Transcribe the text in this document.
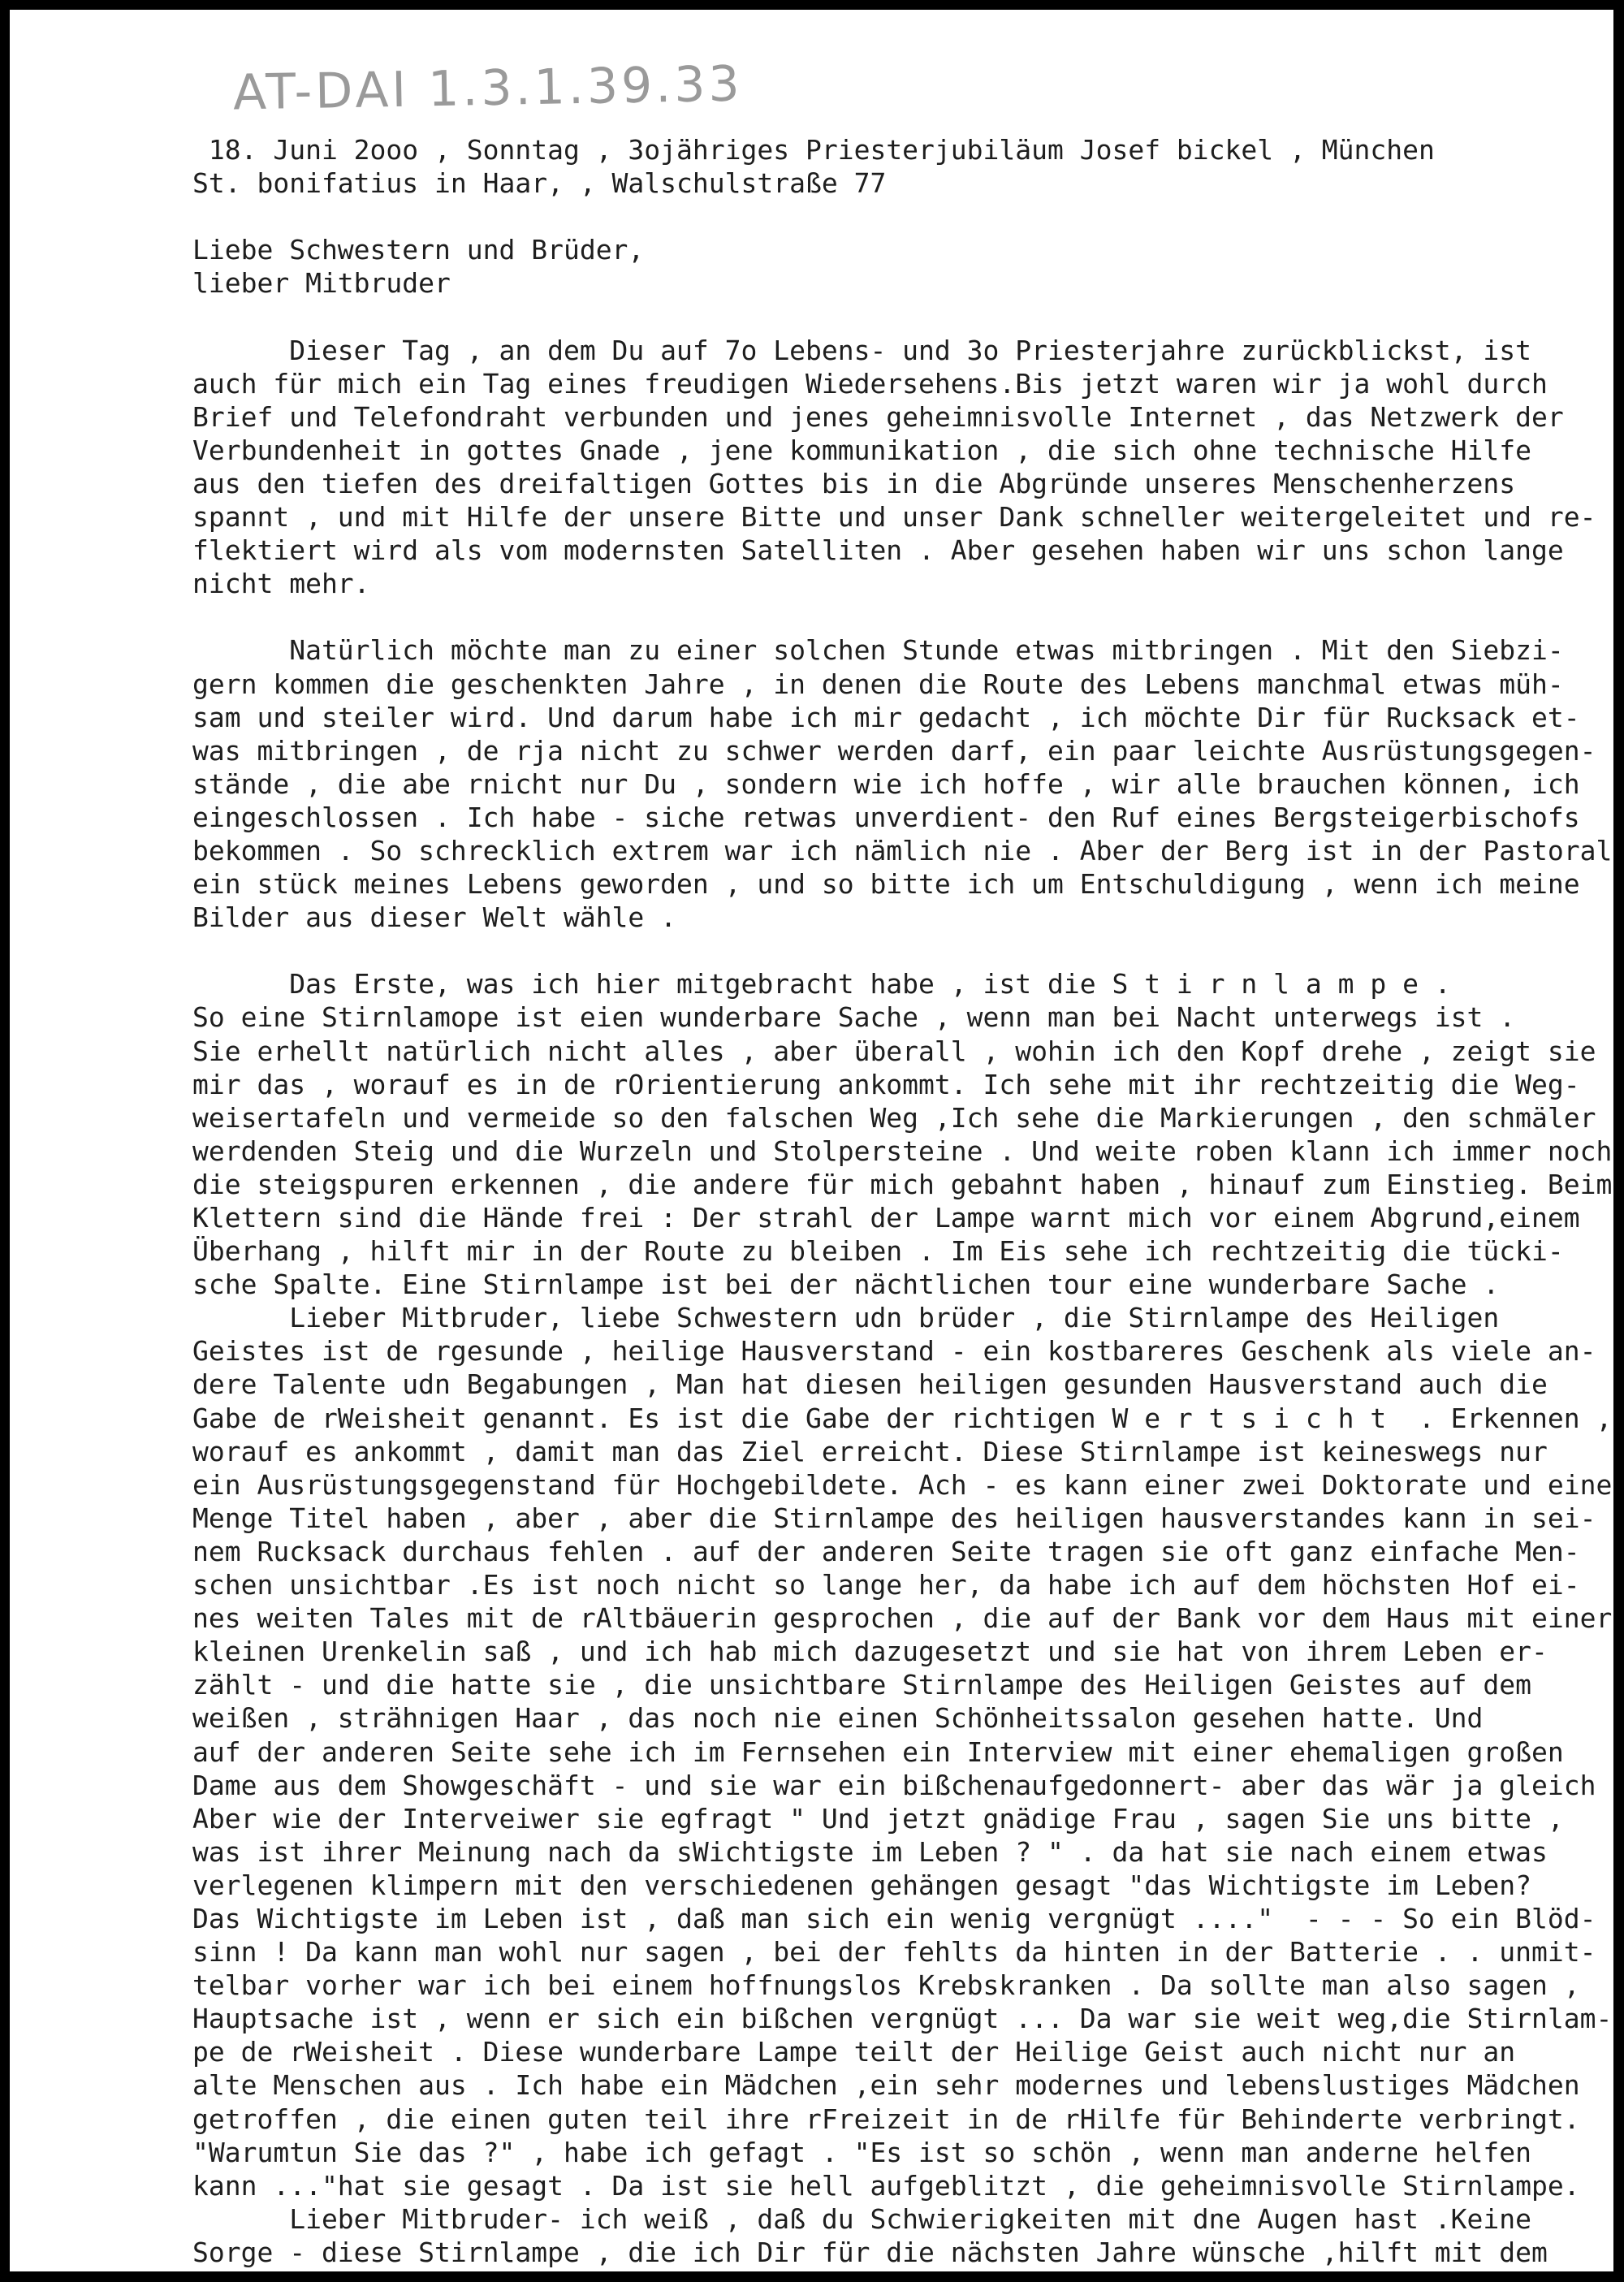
AT-DAI 1.3.1.39.33
18. Juni 2ooo , Sonntag , 3ojähriges Priesterjubiläum Josef bickel , München
St. bonifatius in Haar, , Walschulstraße 77
Liebe Schwestern und Brüder,
lieber Mitbruder
Dieser Tag , an dem Du auf 7o Lebens- und 3o Priesterjahre zurückblickst, ist
auch für mich ein Tag eines freudigen Wiedersehens.Bis jetzt waren wir ja wohl durch
Brief und Telefondraht verbunden und jenes geheimnisvolle Internet , das Netzwerk der
Verbundenheit in gottes Gnade , jene kommunikation , die sich ohne technische Hilfe
aus den tiefen des dreifaltigen Gottes bis in die Abgründe unseres Menschenherzens
spannt , und mit Hilfe der unsere Bitte und unser Dank schneller weitergeleitet und re-
flektiert wird als vom modernsten Satelliten . Aber gesehen haben wir uns schon lange
nicht mehr.
Natürlich möchte man zu einer solchen Stunde etwas mitbringen . Mit den Siebzi-
gern kommen die geschenkten Jahre , in denen die Route des Lebens manchmal etwas müh-
sam und steiler wird. Und darum habe ich mir gedacht , ich möchte Dir für Rucksack et-
was mitbringen , de rja nicht zu schwer werden darf, ein paar leichte Ausrüstungsgegen-
stände , die abe rnicht nur Du , sondern wie ich hoffe , wir alle brauchen können, ich
eingeschlossen . Ich habe - siche retwas unverdient- den Ruf eines Bergsteigerbischofs
bekommen . So schrecklich extrem war ich nämlich nie . Aber der Berg ist in der Pastoral
ein stück meines Lebens geworden , und so bitte ich um Entschuldigung , wenn ich meine
Bilder aus dieser Welt wähle .
Das Erste, was ich hier mitgebracht habe , ist die S t i r n l a m p e .
So eine Stirnlamope ist eien wunderbare Sache , wenn man bei Nacht unterwegs ist .
Sie erhellt natürlich nicht alles , aber überall , wohin ich den Kopf drehe , zeigt sie
mir das , worauf es in de rOrientierung ankommt. Ich sehe mit ihr rechtzeitig die Weg-
weisertafeln und vermeide so den falschen Weg ,Ich sehe die Markierungen , den schmäler
werdenden Steig und die Wurzeln und Stolpersteine . Und weite roben klann ich immer noch
die steigspuren erkennen , die andere für mich gebahnt haben , hinauf zum Einstieg. Beim
Klettern sind die Hände frei : Der strahl der Lampe warnt mich vor einem Abgrund,einem
Überhang , hilft mir in der Route zu bleiben . Im Eis sehe ich rechtzeitig die tücki-
sche Spalte. Eine Stirnlampe ist bei der nächtlichen tour eine wunderbare Sache .
Lieber Mitbruder, liebe Schwestern udn brüder , die Stirnlampe des Heiligen
Geistes ist de rgesunde , heilige Hausverstand - ein kostbareres Geschenk als viele an-
dere Talente udn Begabungen , Man hat diesen heiligen gesunden Hausverstand auch die
Gabe de rWeisheit genannt. Es ist die Gabe der richtigen W e r t s i c h t  . Erkennen ,
worauf es ankommt , damit man das Ziel erreicht. Diese Stirnlampe ist keineswegs nur
ein Ausrüstungsgegenstand für Hochgebildete. Ach - es kann einer zwei Doktorate und eine
Menge Titel haben , aber , aber die Stirnlampe des heiligen hausverstandes kann in sei-
nem Rucksack durchaus fehlen . auf der anderen Seite tragen sie oft ganz einfache Men-
schen unsichtbar .Es ist noch nicht so lange her, da habe ich auf dem höchsten Hof ei-
nes weiten Tales mit de rAltbäuerin gesprochen , die auf der Bank vor dem Haus mit einer
kleinen Urenkelin saß , und ich hab mich dazugesetzt und sie hat von ihrem Leben er-
zählt - und die hatte sie , die unsichtbare Stirnlampe des Heiligen Geistes auf dem
weißen , strähnigen Haar , das noch nie einen Schönheitssalon gesehen hatte. Und
auf der anderen Seite sehe ich im Fernsehen ein Interview mit einer ehemaligen großen
Dame aus dem Showgeschäft - und sie war ein bißchenaufgedonnert- aber das wär ja gleich
Aber wie der Interveiwer sie egfragt " Und jetzt gnädige Frau , sagen Sie uns bitte ,
was ist ihrer Meinung nach da sWichtigste im Leben ? " . da hat sie nach einem etwas
verlegenen klimpern mit den verschiedenen gehängen gesagt "das Wichtigste im Leben?
Das Wichtigste im Leben ist , daß man sich ein wenig vergnügt ...."  - - - So ein Blöd-
sinn ! Da kann man wohl nur sagen , bei der fehlts da hinten in der Batterie . . unmit-
telbar vorher war ich bei einem hoffnungslos Krebskranken . Da sollte man also sagen ,
Hauptsache ist , wenn er sich ein bißchen vergnügt ... Da war sie weit weg,die Stirnlam-
pe de rWeisheit . Diese wunderbare Lampe teilt der Heilige Geist auch nicht nur an
alte Menschen aus . Ich habe ein Mädchen ,ein sehr modernes und lebenslustiges Mädchen
getroffen , die einen guten teil ihre rFreizeit in de rHilfe für Behinderte verbringt.
"Warumtun Sie das ?" , habe ich gefagt . "Es ist so schön , wenn man anderne helfen
kann ..."hat sie gesagt . Da ist sie hell aufgeblitzt , die geheimnisvolle Stirnlampe.
Lieber Mitbruder- ich weiß , daß du Schwierigkeiten mit dne Augen hast .Keine
Sorge - diese Stirnlampe , die ich Dir für die nächsten Jahre wünsche ,hilft mit dem
